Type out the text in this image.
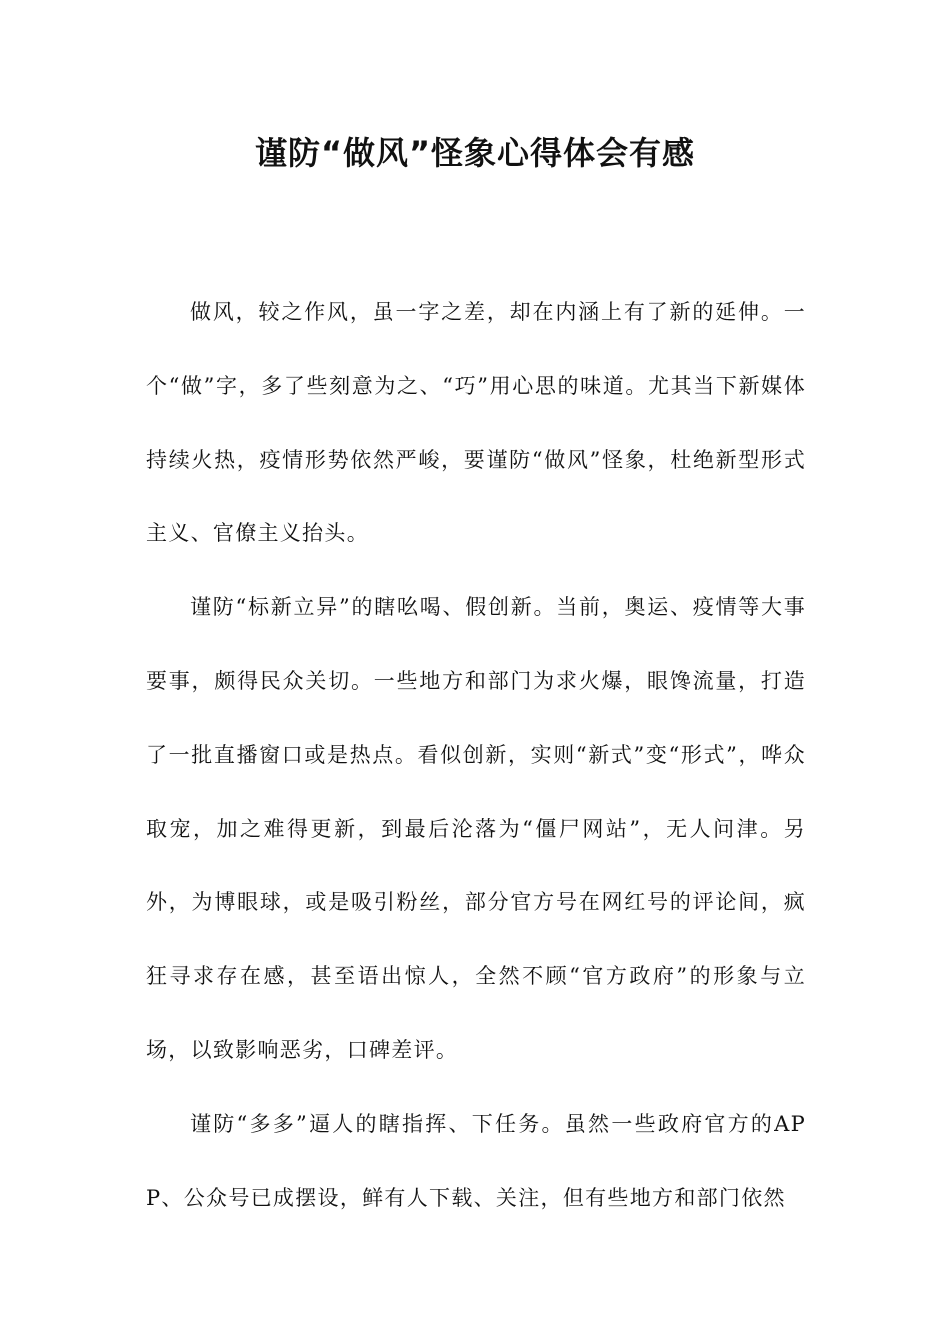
谨防“做风”怪象心得体会有感

做风，较之作风，虽一字之差，却在内涵上有了新的延伸。一个“做”字，多了些刻意为之、“巧”用心思的味道。尤其当下新媒体持续火热，疫情形势依然严峻，要谨防“做风”怪象，杜绝新型形式主义、官僚主义抬头。

谨防“标新立异”的瞎吆喝、假创新。当前，奥运、疫情等大事要事，颇得民众关切。一些地方和部门为求火爆，眼馋流量，打造了一批直播窗口或是热点。看似创新，实则“新式”变“形式”，哗众取宠，加之难得更新，到最后沦落为“僵尸网站”，无人问津。另外，为博眼球，或是吸引粉丝，部分官方号在网红号的评论间，疯狂寻求存在感，甚至语出惊人，全然不顾“官方政府”的形象与立场，以致影响恶劣，口碑差评。

谨防“多多”逼人的瞎指挥、下任务。虽然一些政府官方的APP、公众号已成摆设，鲜有人下载、关注，但有些地方和部门依然
